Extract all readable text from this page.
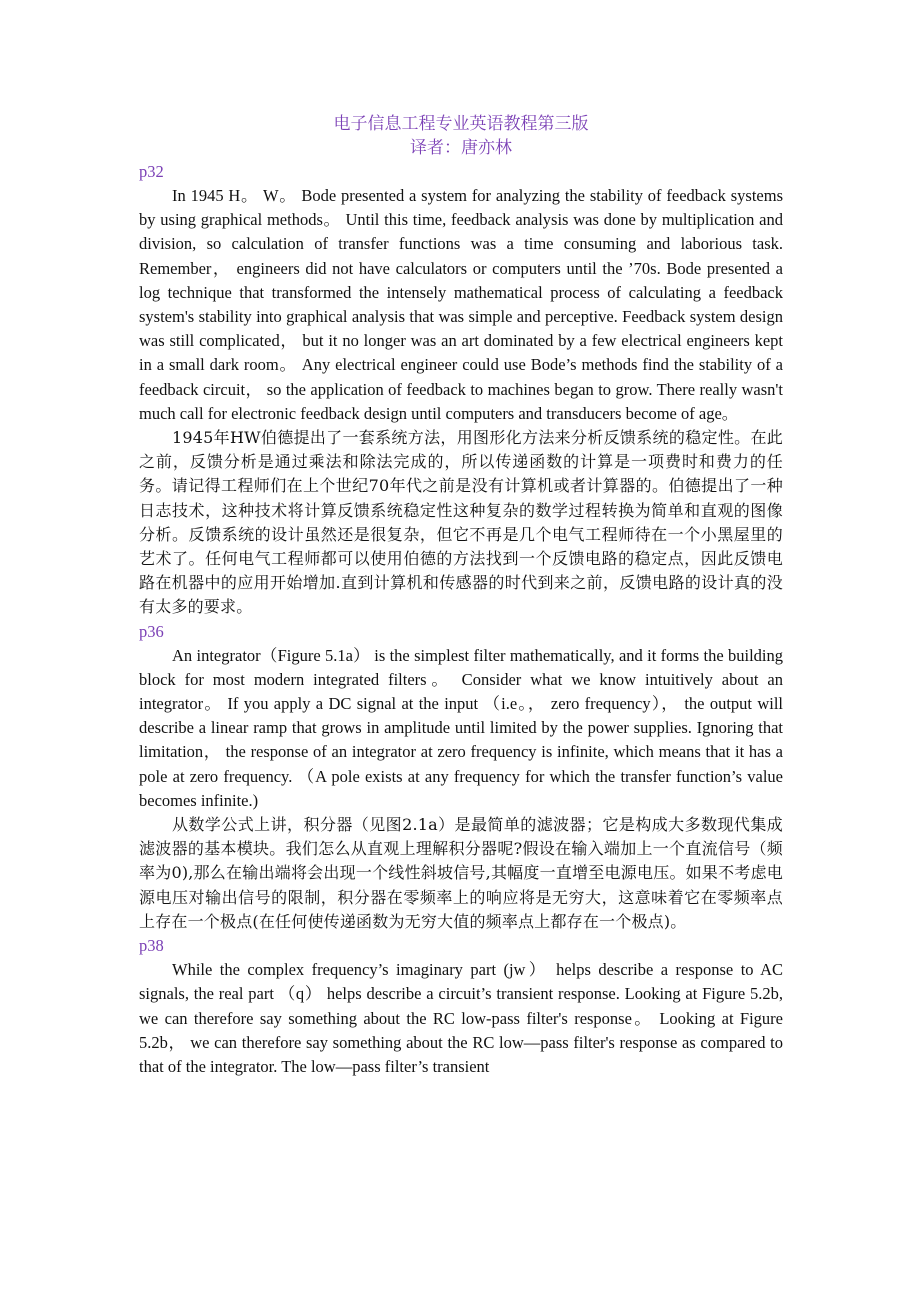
电子信息工程专业英语教程第三版
译者：唐亦林
p32

In 1945 H。 W。 Bode presented a system for analyzing the stability of feedback systems by using graphical methods。 Until this time, feedback analysis was done by multiplication and division, so calculation of transfer functions was a time consuming and laborious task. Remember， engineers did not have calculators or computers until the ’70s. Bode presented a log technique that transformed the intensely mathematical process of calculating a feedback system's stability into graphical analysis that was simple and perceptive. Feedback system design was still complicated， but it no longer was an art dominated by a few electrical engineers kept in a small dark room。 Any electrical engineer could use Bode’s methods find the stability of a feedback circuit， so the application of feedback to machines began to grow. There really wasn't much call for electronic feedback design until computers and transducers become of age。

1945年HW伯德提出了一套系统方法，用图形化方法来分析反馈系统的稳定性。在此之前，反馈分析是通过乘法和除法完成的，所以传递函数的计算是一项费时和费力的任务。请记得工程师们在上个世纪70年代之前是没有计算机或者计算器的。伯德提出了一种日志技术，这种技术将计算反馈系统稳定性这种复杂的数学过程转换为简单和直观的图像分析。反馈系统的设计虽然还是很复杂，但它不再是几个电气工程师待在一个小黑屋里的艺术了。任何电气工程师都可以使用伯德的方法找到一个反馈电路的稳定点，因此反馈电路在机器中的应用开始增加.直到计算机和传感器的时代到来之前，反馈电路的设计真的没有太多的要求。

p36

An integrator（Figure 5.1a） is the simplest filter mathematically, and it forms the building block for most modern integrated filters。 Consider what we know intuitively about an integrator。 If you apply a DC signal at the input （i.e。， zero frequency）， the output will describe a linear ramp that grows in amplitude until limited by the power supplies. Ignoring that limitation， the response of an integrator at zero frequency is infinite, which means that it has a pole at zero frequency. （A pole exists at any frequency for which the transfer function’s value becomes infinite.)

从数学公式上讲，积分器（见图2.1a）是最简单的滤波器；它是构成大多数现代集成滤波器的基本模块。我们怎么从直观上理解积分器呢?假设在输入端加上一个直流信号（频率为0),那么在输出端将会出现一个线性斜坡信号,其幅度一直增至电源电压。如果不考虑电源电压对输出信号的限制，积分器在零频率上的响应将是无穷大，这意味着它在零频率点上存在一个极点(在任何使传递函数为无穷大值的频率点上都存在一个极点)。

p38

While the complex frequency’s imaginary part (jw） helps describe a response to AC signals, the real part （q） helps describe a circuit’s transient response. Looking at Figure 5.2b, we can therefore say something about the RC low-pass filter's response。 Looking at Figure 5.2b， we can therefore say something about the RC low—pass filter's response as compared to that of the integrator. The low—pass filter’s transient
